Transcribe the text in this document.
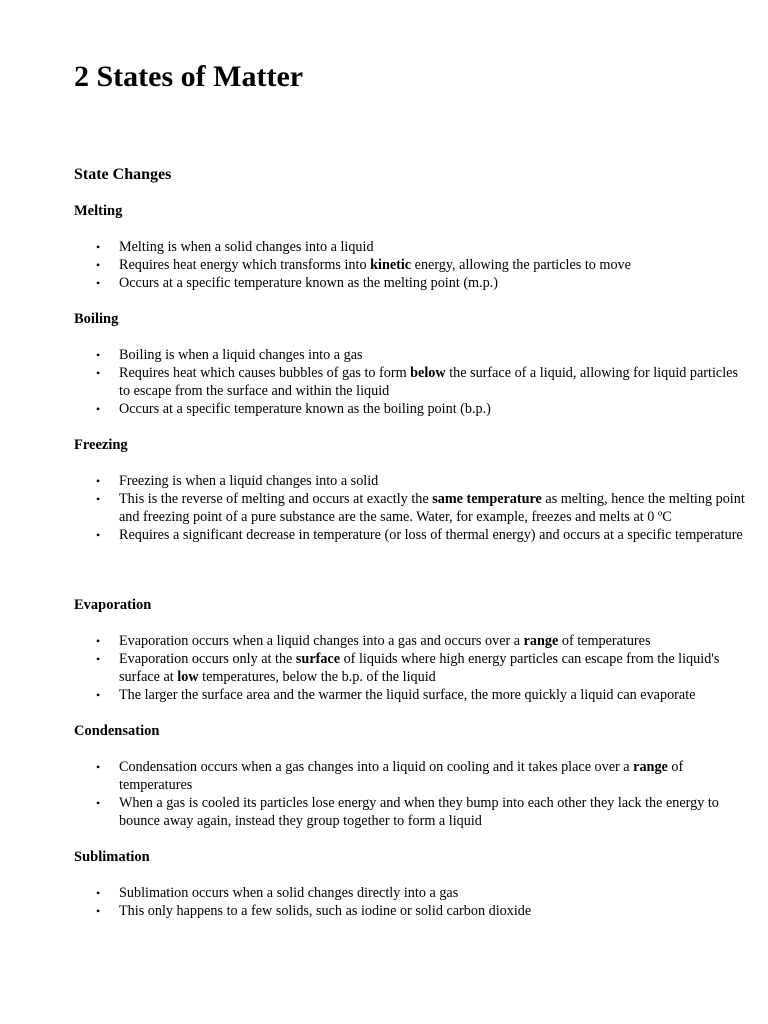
2 States of Matter
State Changes
Melting
• Melting is when a solid changes into a liquid
• Requires heat energy which transforms into kinetic energy, allowing the particles to move
• Occurs at a specific temperature known as the melting point (m.p.)
Boiling
• Boiling is when a liquid changes into a gas
• Requires heat which causes bubbles of gas to form below the surface of a liquid, allowing for liquid particles to escape from the surface and within the liquid
• Occurs at a specific temperature known as the boiling point (b.p.)
Freezing
• Freezing is when a liquid changes into a solid
• This is the reverse of melting and occurs at exactly the same temperature as melting, hence the melting point and freezing point of a pure substance are the same. Water, for example, freezes and melts at 0 ºC
• Requires a significant decrease in temperature (or loss of thermal energy) and occurs at a specific temperature
Evaporation
• Evaporation occurs when a liquid changes into a gas and occurs over a range of temperatures
• Evaporation occurs only at the surface of liquids where high energy particles can escape from the liquid's surface at low temperatures, below the b.p. of the liquid
• The larger the surface area and the warmer the liquid surface, the more quickly a liquid can evaporate
Condensation
• Condensation occurs when a gas changes into a liquid on cooling and it takes place over a range of temperatures
• When a gas is cooled its particles lose energy and when they bump into each other they lack the energy to bounce away again, instead they group together to form a liquid
Sublimation
• Sublimation occurs when a solid changes directly into a gas
• This only happens to a few solids, such as iodine or solid carbon dioxide
